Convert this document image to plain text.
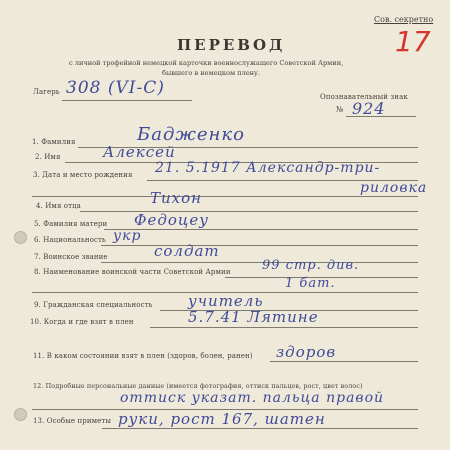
Сов. секретно
17
ПЕРЕВОД
с личной трофейной немецкой карточки военнослужащего Советской Армии,
бывшего в немецком плену.
Лагерь 308 (VI-C)	Опознавательный знак
№ 924
1. Фамилия	Бадженко
2. Имя	Алексей
3. Дата и место рождения 21. 5.1917 Александр-три-
риловка
4. Имя отца	Тихон
5. Фамилия матери Федоцеу
6. Национальность укр
7. Воинское звание	солдат
8. Наименование воинской части Советской Армии 99 стр. див.
1 бат.
9. Гражданская специальность учитель
10. Когда и где взят в плен	5.7.41 Лятине
11. В каком состоянии взят в плен (здоров, болен, ранен) здоров
12. Подробные персональные данные (имеется фотография, оттиск пальцев, рост, цвет волос)
оттиск указат. пальца правой
13. Особые приметы руки, рост 167, шатен
